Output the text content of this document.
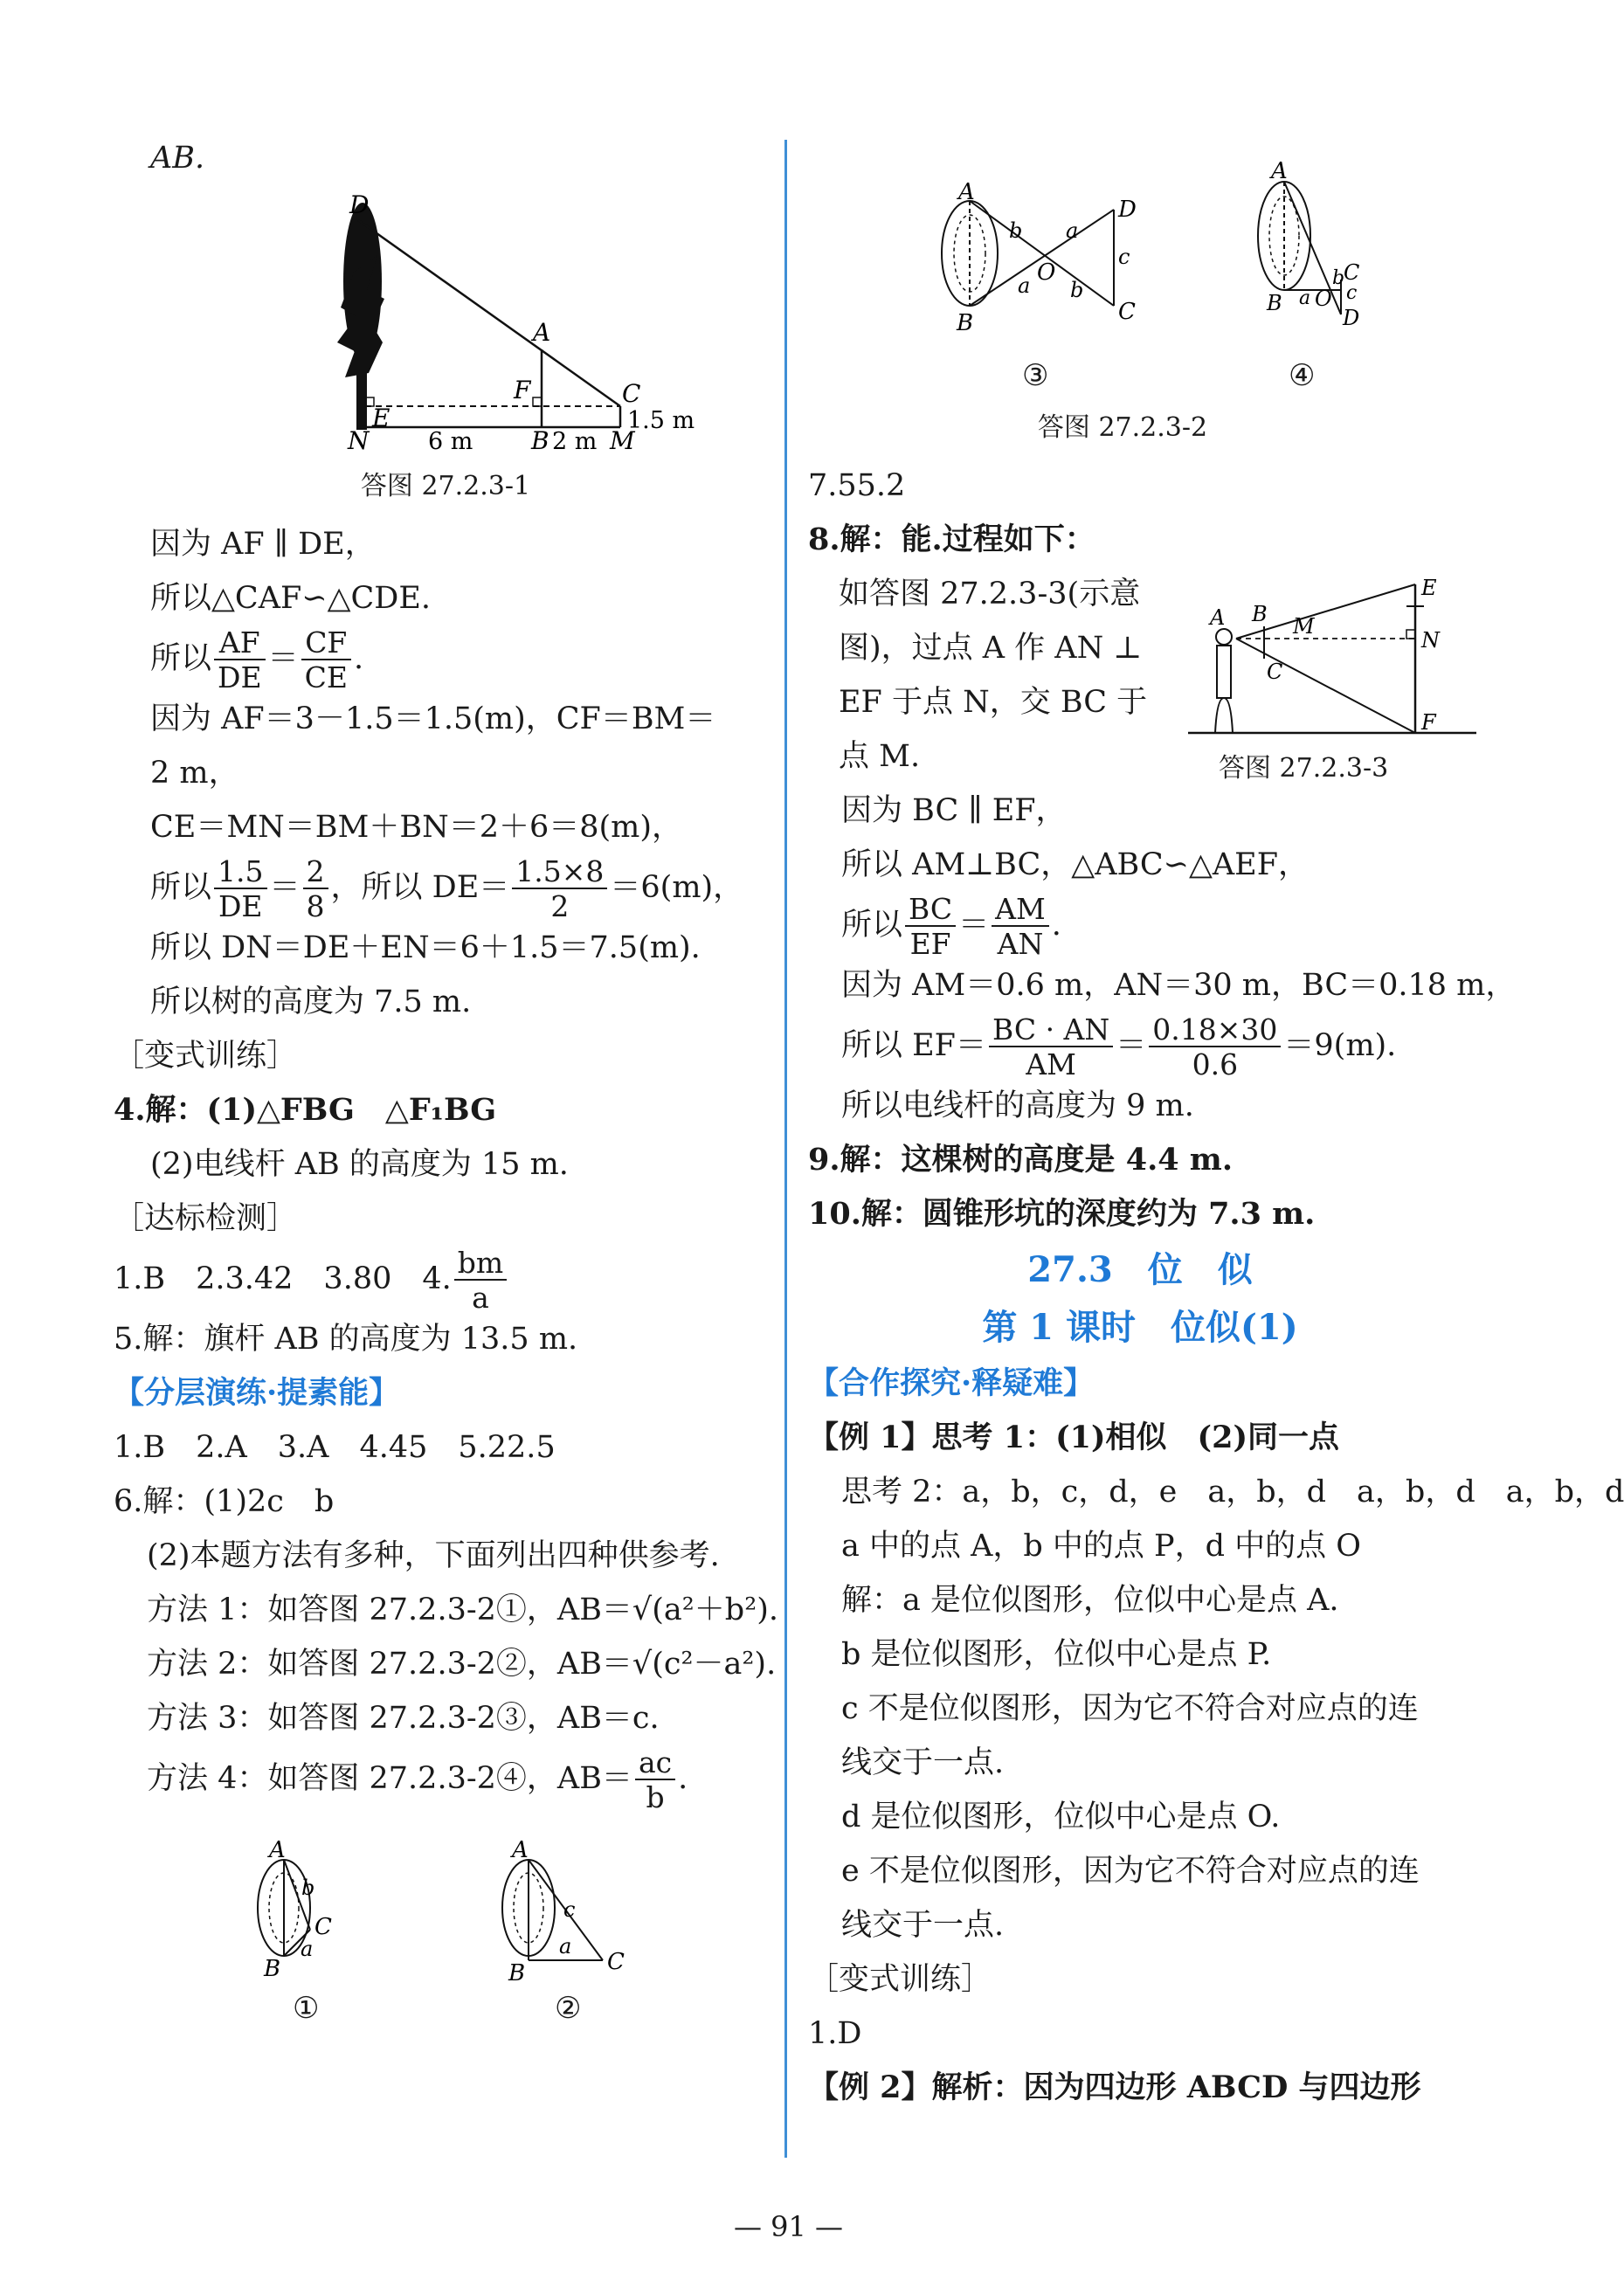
AB.
D
A
F	C
E
N	B M
1.5 m
6 m	2 m
答图 27.2.3-1
因为 AF ∥ DE，
所以△CAF∽△CDE.
所以 $\frac{AF}{DE} = \frac{CF}{CE}$ .
因为 AF＝3－1.5＝1.5(m)，CF＝BM＝
2 m，
CE＝MN＝BM＋BN＝2＋6＝8(m)，
所以 $\frac{1.5}{DE} = \frac{2}{8}$ ，所以 $DE= \frac{1.5\times 8}{2} =6(m)$，
所以 DN＝DE＋EN＝6＋1.5＝7.5(m).
所以树的高度为 7.5 m.
［变式训练］
4.解：(1)△FBG　△F₁BG
(2)电线杆 AB 的高度为 15 m.
［达标检测］
1.B　2.3.42　3.80　4. $\frac{bm}{a}$
5.解：旗杆 AB 的高度为 13.5 m.
【分层演练·提素能】
1.B　2.A　3.A　4.45　5.22.5
6.解：(1)2c　b
(2)本题方法有多种，下面列出四种供参考.
方法 1：如答图 27.2.3-2①，AB＝√(a²＋b²).
方法 2：如答图 27.2.3-2②，AB＝√(c²－a²).
方法 3：如答图 27.2.3-2③，AB＝c.
方法 4：如答图 27.2.3-2④，$AB= \frac{ac}{b}$ .
A
b
C
a
B
A
c
a
B	C
①	②
A
b a
D
c
O
a b
C
B
A
b
C
c
a O
B
D
③	④
答图 27.2.3-2
7.55.2
8.解：能.过程如下：
如答图 27.2.3-3(示意
图)，过点 A 作 AN ⊥
EF 于点 N，交 BC 于
点 M.
A B M
C
E
N
F
答图 27.2.3-3
因为 BC ∥ EF，
所以 AM⊥BC，△ABC∽△AEF，
所以 $\frac{BC}{EF} = \frac{AM}{AN}$ .
因为 AM＝0.6 m，AN＝30 m，BC＝0.18 m，
所以 $EF= \frac{BC \cdot AN}{AM} = \frac{0.18\times 30}{0.6} =9(m)$.
所以电线杆的高度为 9 m.
9.解：这棵树的高度是 4.4 m.
10.解：圆锥形坑的深度约为 7.3 m.
27.3　位　似
第 1 课时　位似(1)
【合作探究·释疑难】
【例 1】思考 1：(1)相似　(2)同一点
思考 2：a，b，c，d，e　a，b，d　a，b，d　a，b，d
a 中的点 A，b 中的点 P，d 中的点 O
解：a 是位似图形，位似中心是点 A.
b 是位似图形，位似中心是点 P.
c 不是位似图形，因为它不符合对应点的连
线交于一点.
d 是位似图形，位似中心是点 O.
e 不是位似图形，因为它不符合对应点的连
线交于一点.
［变式训练］
1.D
【例 2】解析：因为四边形 ABCD 与四边形
— 91 —
